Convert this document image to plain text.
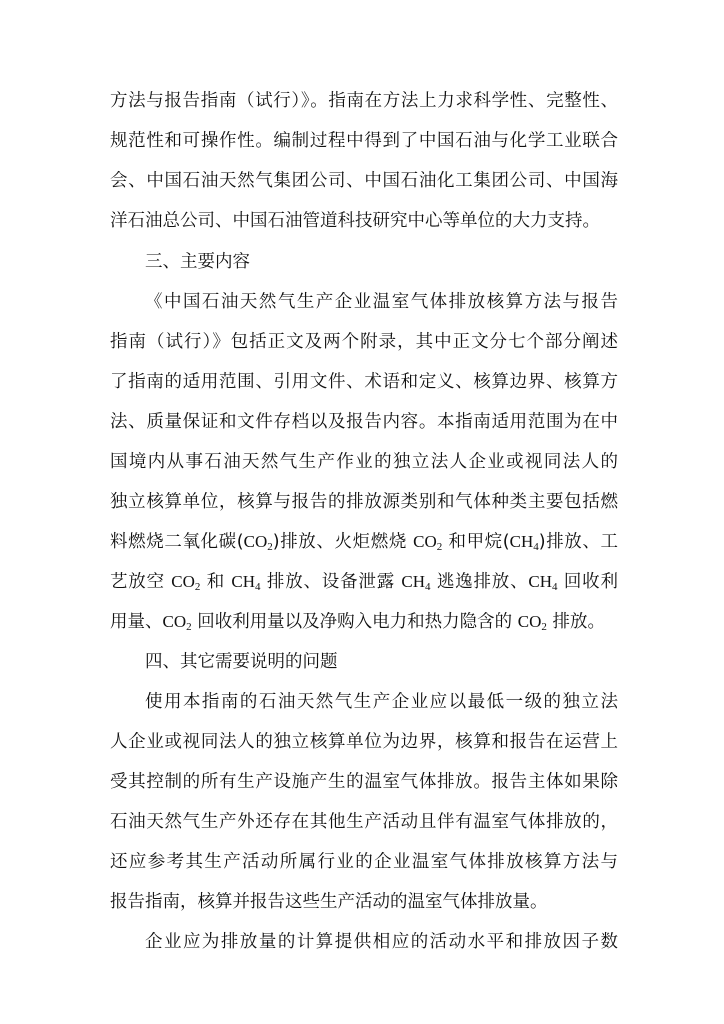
方法与报告指南（试行）》。指南在方法上力求科学性、完整性、
规范性和可操作性。编制过程中得到了中国石油与化学工业联合
会、中国石油天然气集团公司、中国石油化工集团公司、中国海
洋石油总公司、中国石油管道科技研究中心等单位的大力支持。
三、主要内容
《中国石油天然气生产企业温室气体排放核算方法与报告
指南（试行）》包括正文及两个附录，其中正文分七个部分阐述
了指南的适用范围、引用文件、术语和定义、核算边界、核算方
法、质量保证和文件存档以及报告内容。本指南适用范围为在中
国境内从事石油天然气生产作业的独立法人企业或视同法人的
独立核算单位，核算与报告的排放源类别和气体种类主要包括燃
料燃烧二氧化碳$(CO_2)$排放、火炬燃烧 $CO_2$ 和甲烷$(CH_4)$排放、工
艺放空 $CO_2$ 和 $CH_4$ 排放、设备泄露 $CH_4$ 逃逸排放、$CH_4$ 回收利
用量、$CO_2$ 回收利用量以及净购入电力和热力隐含的 $CO_2$ 排放。
四、其它需要说明的问题
使用本指南的石油天然气生产企业应以最低一级的独立法
人企业或视同法人的独立核算单位为边界，核算和报告在运营上
受其控制的所有生产设施产生的温室气体排放。报告主体如果除
石油天然气生产外还存在其他生产活动且伴有温室气体排放的，
还应参考其生产活动所属行业的企业温室气体排放核算方法与
报告指南，核算并报告这些生产活动的温室气体排放量。
企业应为排放量的计算提供相应的活动水平和排放因子数
